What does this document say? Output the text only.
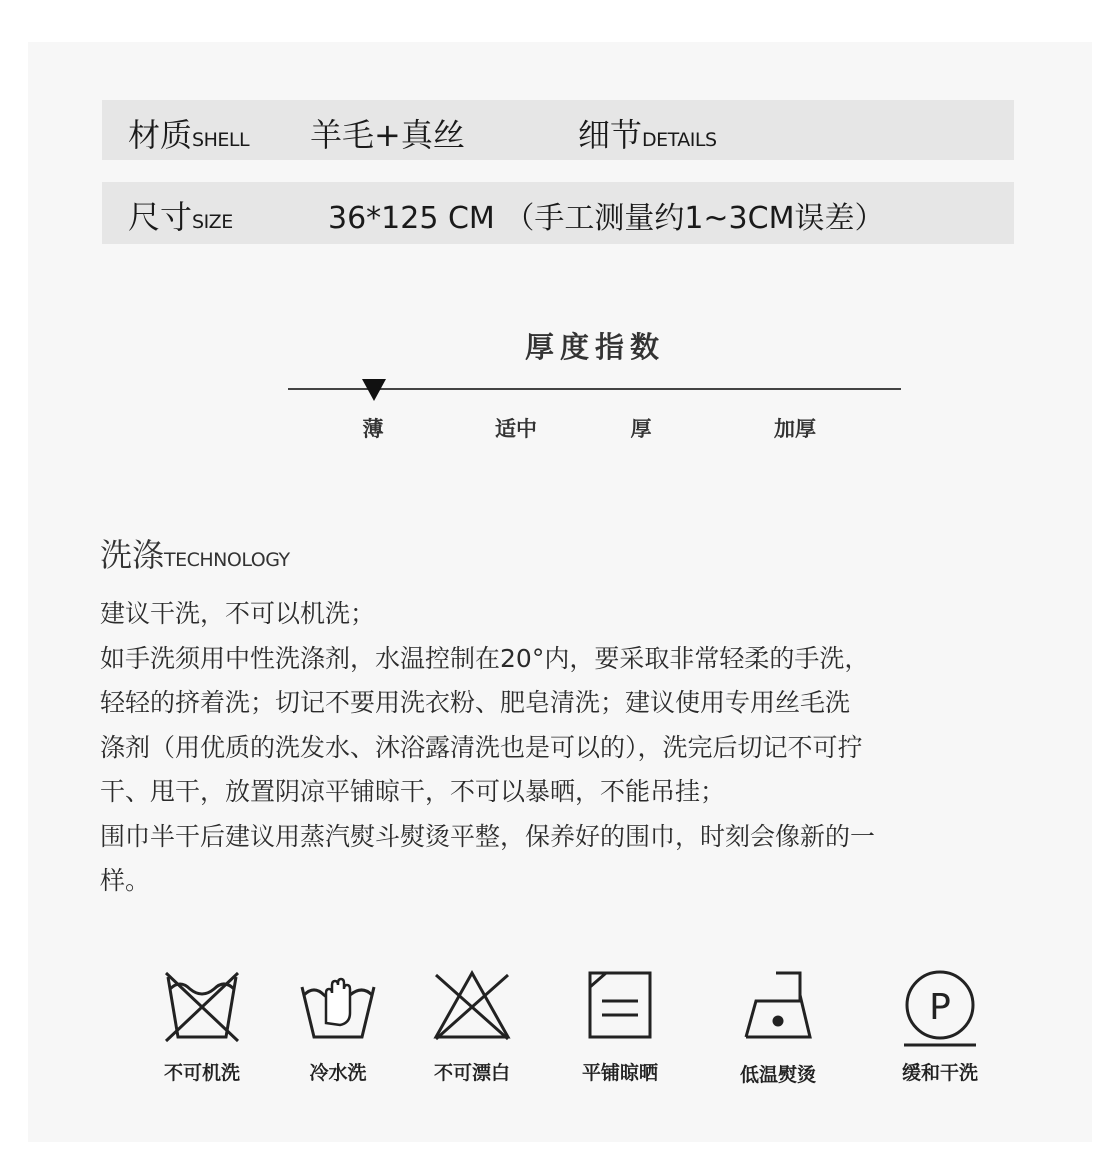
材质SHELL 羊毛+真丝	细节DETAILS
尺寸SIZE	36*125 CM （手工测量约1~3CM误差）
厚度指数
薄	适中	厚	加厚
洗涤TECHNOLOGY

建议干洗，不可以机洗；

如手洗须用中性洗涤剂，水温控制在20°内，要采取非常轻柔的手洗，

轻轻的挤着洗；切记不要用洗衣粉、肥皂清洗；建议使用专用丝毛洗

涤剂（用优质的洗发水、沐浴露清洗也是可以的），洗完后切记不可拧

干、甩干，放置阴凉平铺晾干，不可以暴晒，不能吊挂；

围巾半干后建议用蒸汽熨斗熨烫平整，保养好的围巾，时刻会像新的一

样。

不可机洗	冷水洗	不可漂白	平铺晾晒	低温熨烫
P
缓和干洗
